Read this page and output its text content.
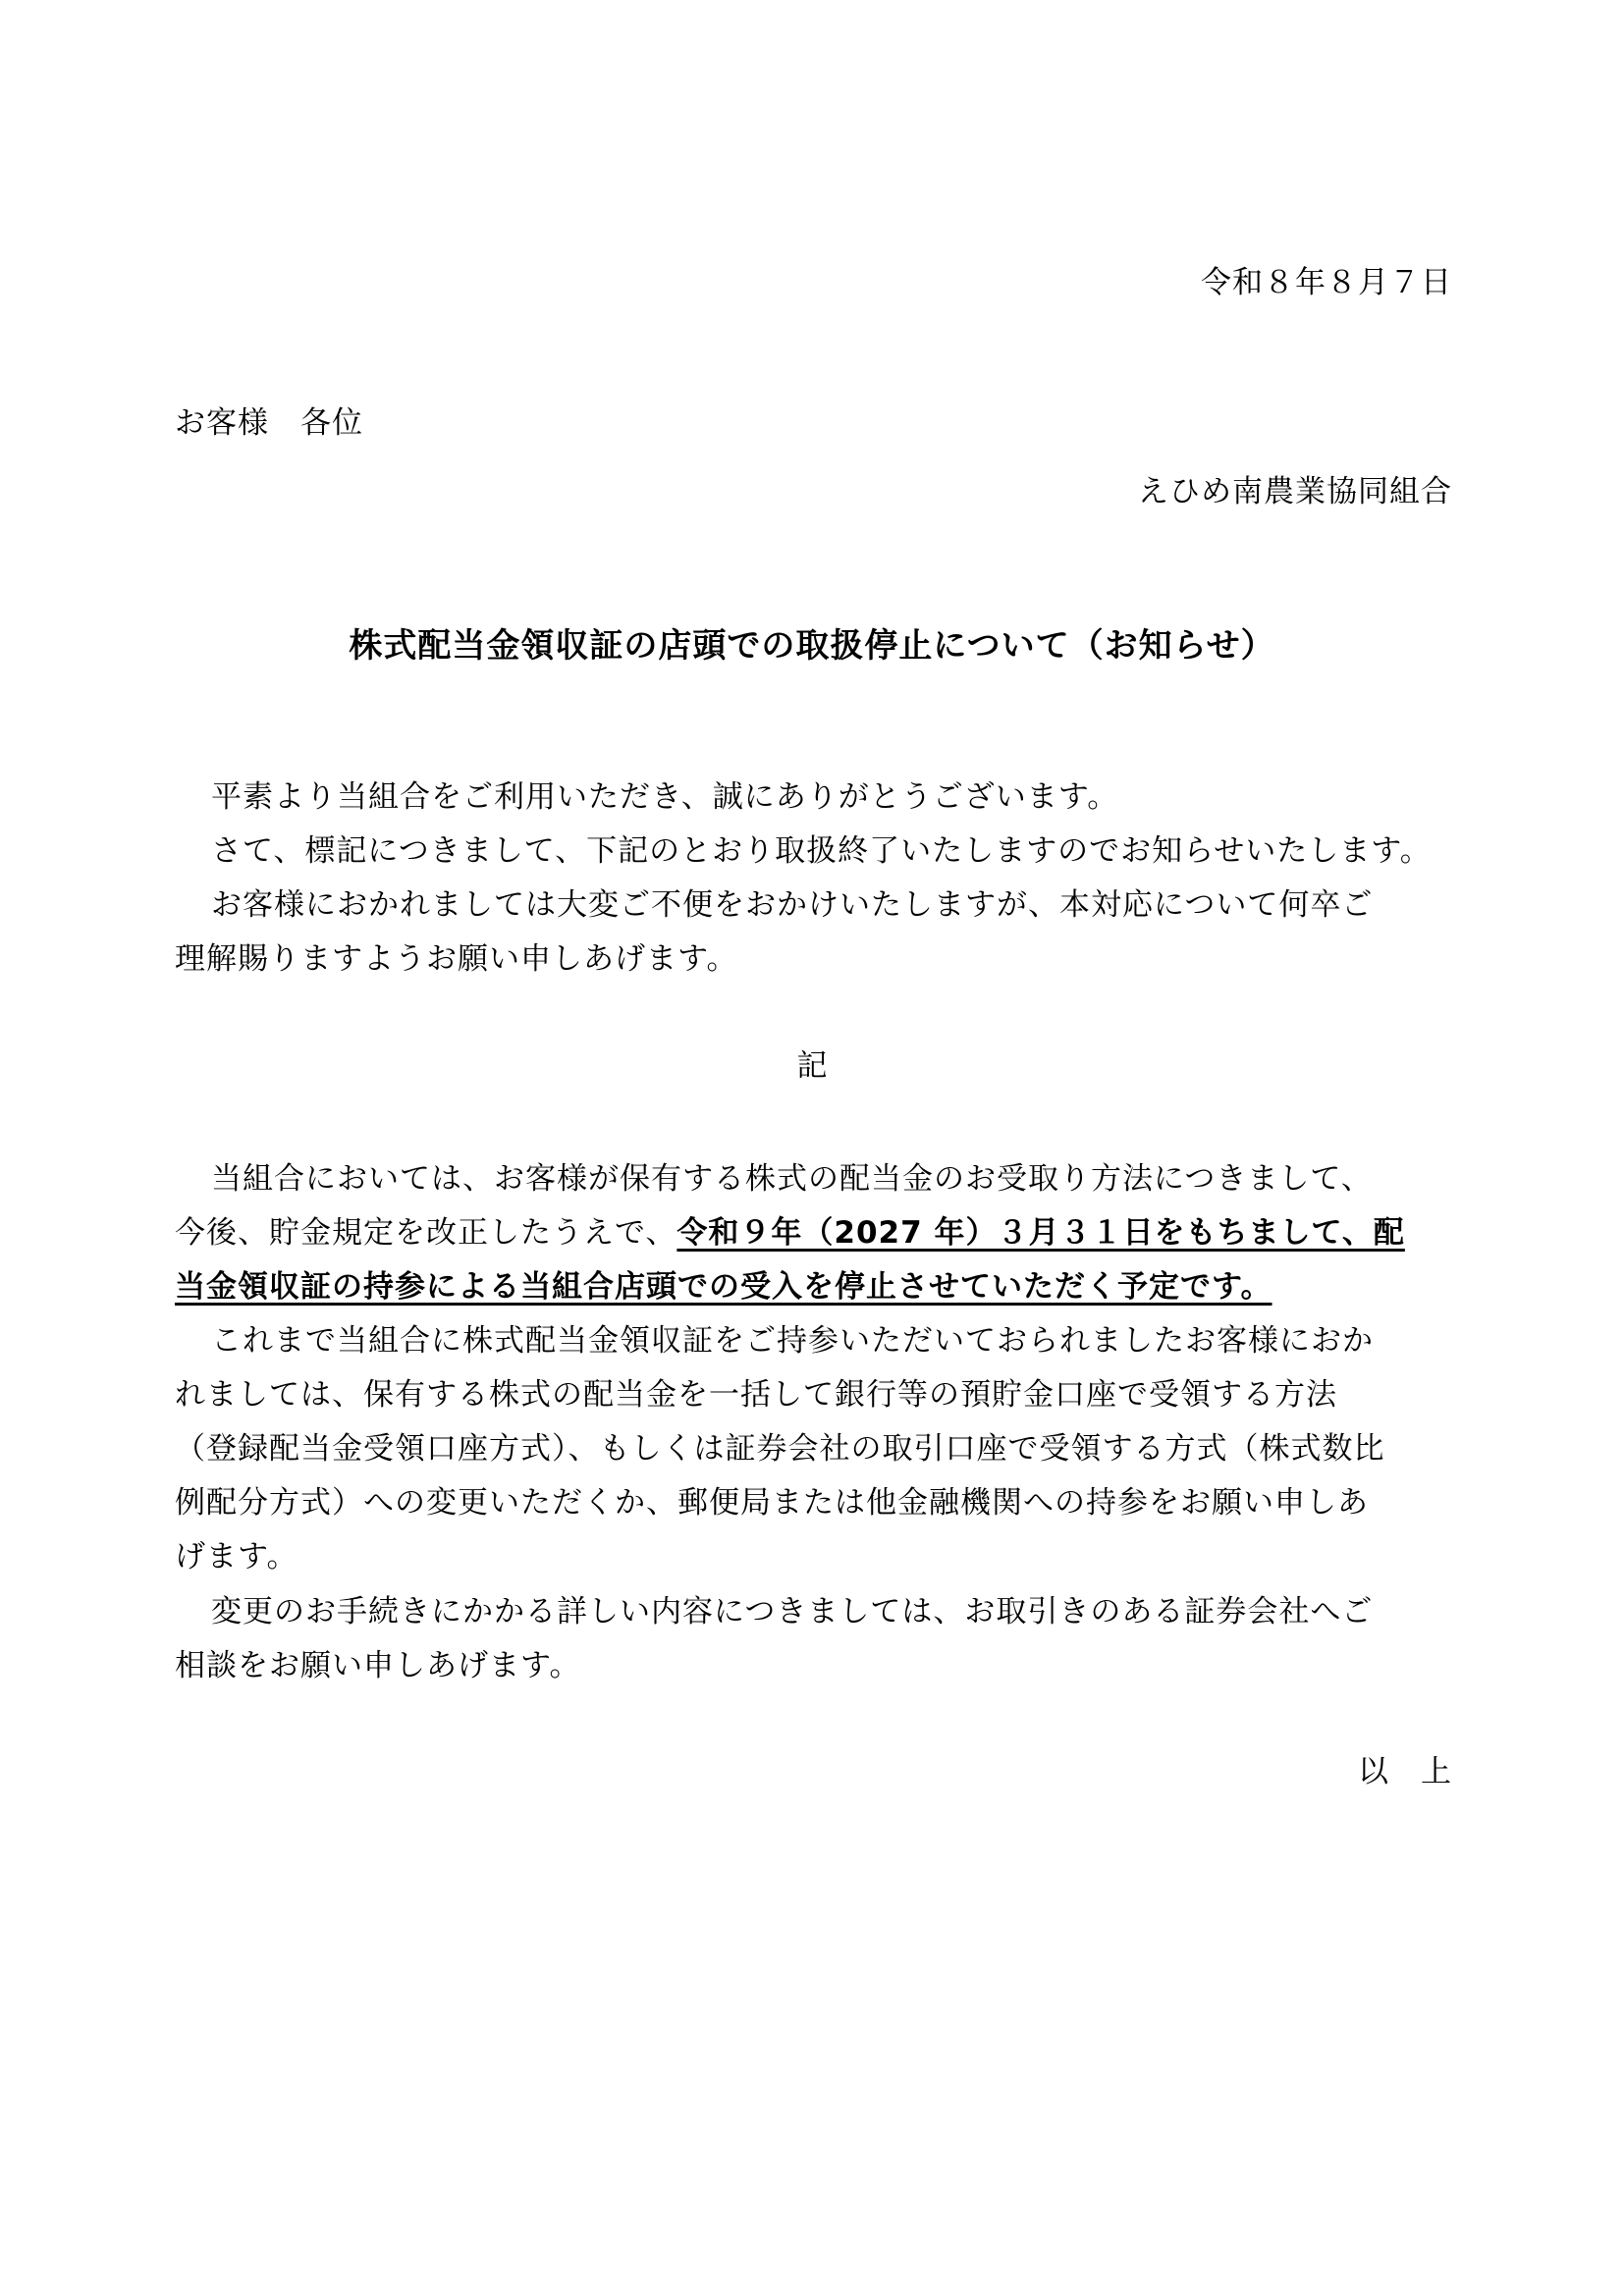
令和８年８月７日
お客様　各位
えひめ南農業協同組合
株式配当金領収証の店頭での取扱停止について（お知らせ）
平素より当組合をご利用いただき、誠にありがとうございます。
さて、標記につきまして、下記のとおり取扱終了いたしますのでお知らせいたします。
お客様におかれましては大変ご不便をおかけいたしますが、本対応について何卒ご
理解賜りますようお願い申しあげます。
記
当組合においては、お客様が保有する株式の配当金のお受取り方法につきまして、
今後、貯金規定を改正したうえで、令和９年（2027 年）３月３１日をもちまして、配
当金領収証の持参による当組合店頭での受入を停止させていただく予定です。
これまで当組合に株式配当金領収証をご持参いただいておられましたお客様におか
れましては、保有する株式の配当金を一括して銀行等の預貯金口座で受領する方法
（登録配当金受領口座方式）、もしくは証券会社の取引口座で受領する方式（株式数比
例配分方式）への変更いただくか、郵便局または他金融機関への持参をお願い申しあ
げます。
変更のお手続きにかかる詳しい内容につきましては、お取引きのある証券会社へご
相談をお願い申しあげます。
以　上
